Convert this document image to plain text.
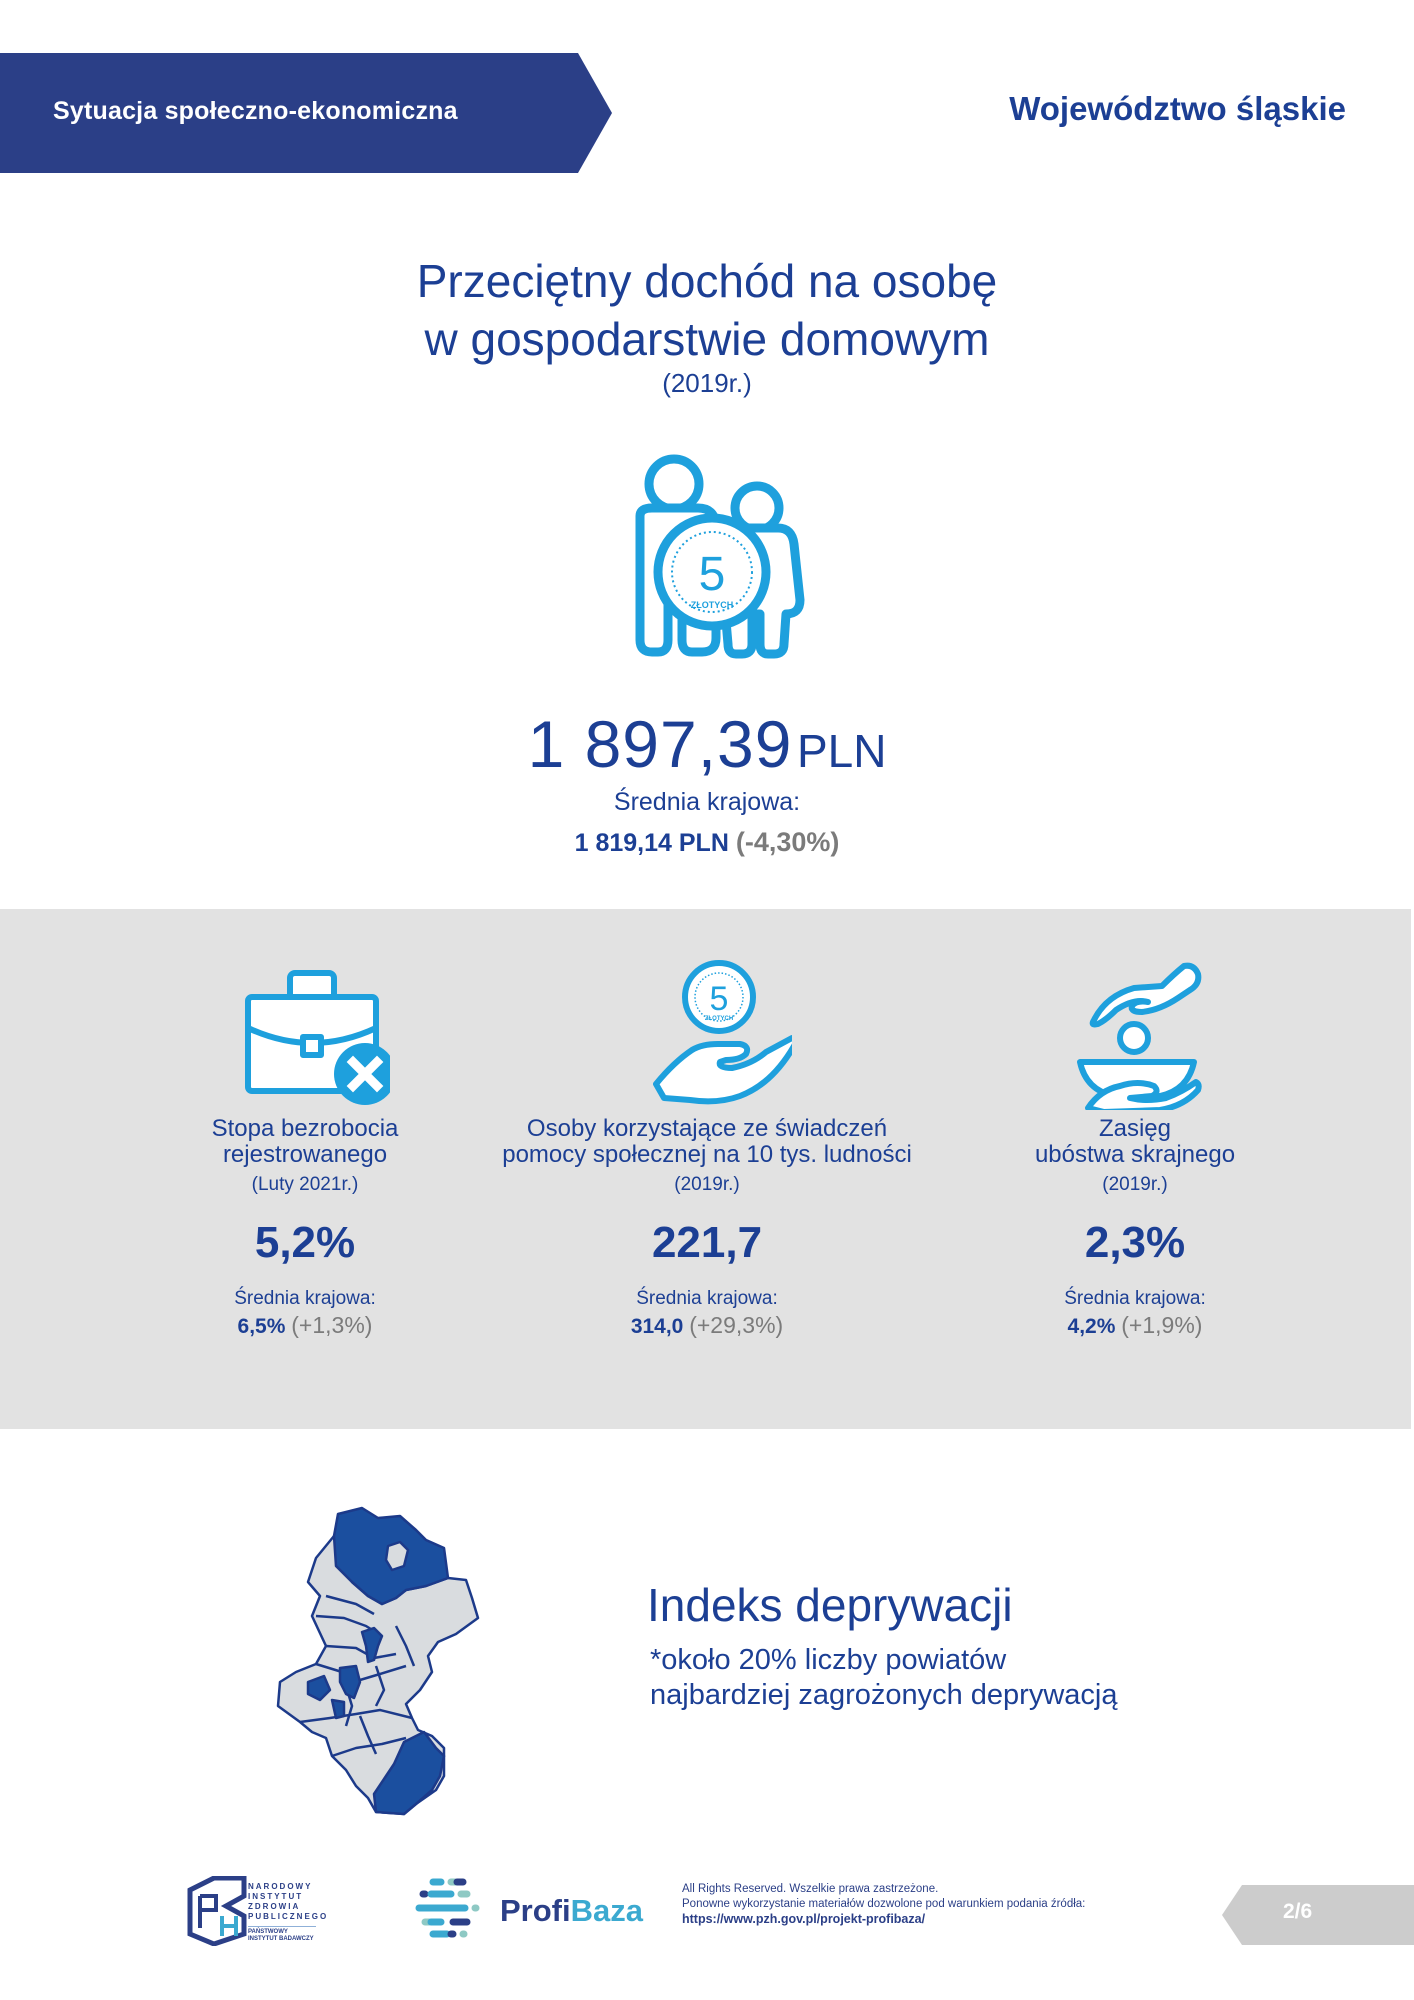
Sytuacja społeczno-ekonomiczna	Województwo śląskie
Przeciętny dochód na osobę
w gospodarstwie domowym
(2019r.)
5
ZŁOTYCH
1 897,39 PLN
Średnia krajowa:
1 819,14 PLN (-4,30%)
Stopa bezrobocia
rejestrowanego
(Luty 2021r.)
5,2%
Średnia krajowa:
6,5% (+1,3%)
5
ZŁOTYCH
Osoby korzystające ze świadczeń
pomocy społecznej na 10 tys. ludności
(2019r.)
221,7
Średnia krajowa:
314,0 (+29,3%)
Zasięg
ubóstwa skrajnego
(2019r.)
2,3%
Średnia krajowa:
4,2% (+1,9%)
Indeks deprywacji
*około 20% liczby powiatów
najbardziej zagrożonych deprywacją
NARODOWY
INSTYTUT
ZDROWIA
PUBLICZNEGO
PAŃSTWOWY INSTYTUT BADAWCZY
ProfiBaza
All Rights Reserved. Wszelkie prawa zastrzeżone.
Ponowne wykorzystanie materiałów dozwolone pod warunkiem podania źródła:
https://www.pzh.gov.pl/projekt-profibaza/	2/6
